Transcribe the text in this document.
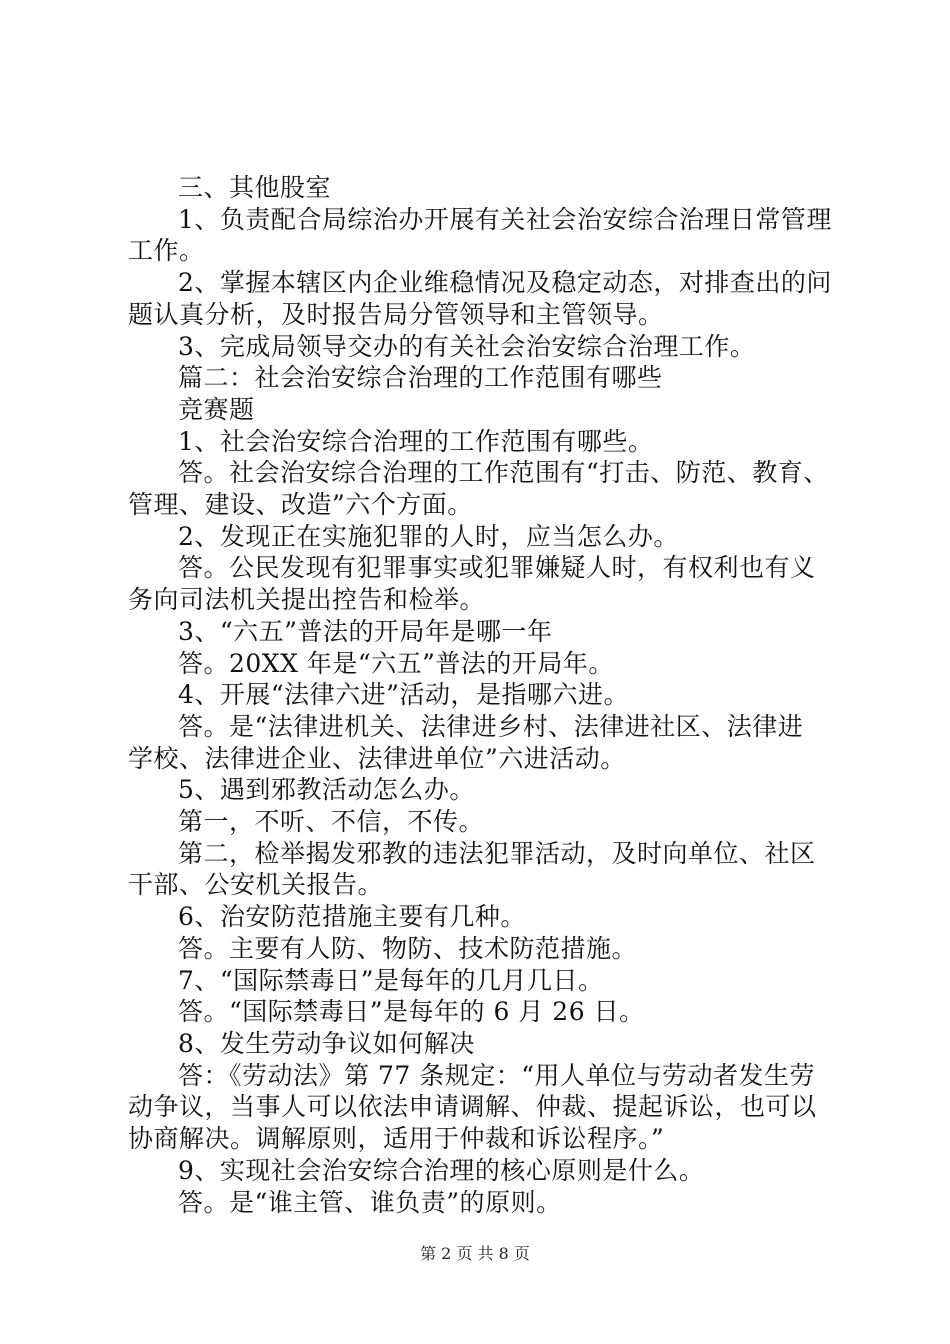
三、其他股室
1、负责配合局综治办开展有关社会治安综合治理日常管理
工作。
2、掌握本辖区内企业维稳情况及稳定动态，对排查出的问
题认真分析，及时报告局分管领导和主管领导。
3、完成局领导交办的有关社会治安综合治理工作。
篇二：社会治安综合治理的工作范围有哪些
竞赛题
1、社会治安综合治理的工作范围有哪些。
答。社会治安综合治理的工作范围有“打击、防范、教育、
管理、建设、改造”六个方面。
2、发现正在实施犯罪的人时，应当怎么办。
答。公民发现有犯罪事实或犯罪嫌疑人时，有权利也有义
务向司法机关提出控告和检举。
3、“六五”普法的开局年是哪一年
答。20XX 年是“六五”普法的开局年。
4、开展“法律六进”活动，是指哪六进。
答。是“法律进机关、法律进乡村、法律进社区、法律进
学校、法律进企业、法律进单位”六进活动。
5、遇到邪教活动怎么办。
第一，不听、不信，不传。
第二，检举揭发邪教的违法犯罪活动，及时向单位、社区
干部、公安机关报告。
6、治安防范措施主要有几种。
答。主要有人防、物防、技术防范措施。
7、“国际禁毒日”是每年的几月几日。
答。“国际禁毒日”是每年的 6 月 26 日。
8、发生劳动争议如何解决
答：《劳动法》第 77 条规定：“用人单位与劳动者发生劳
动争议，当事人可以依法申请调解、仲裁、提起诉讼，也可以
协商解决。调解原则，适用于仲裁和诉讼程序。”
9、实现社会治安综合治理的核心原则是什么。
答。是“谁主管、谁负责”的原则。
第 2 页 共 8 页
